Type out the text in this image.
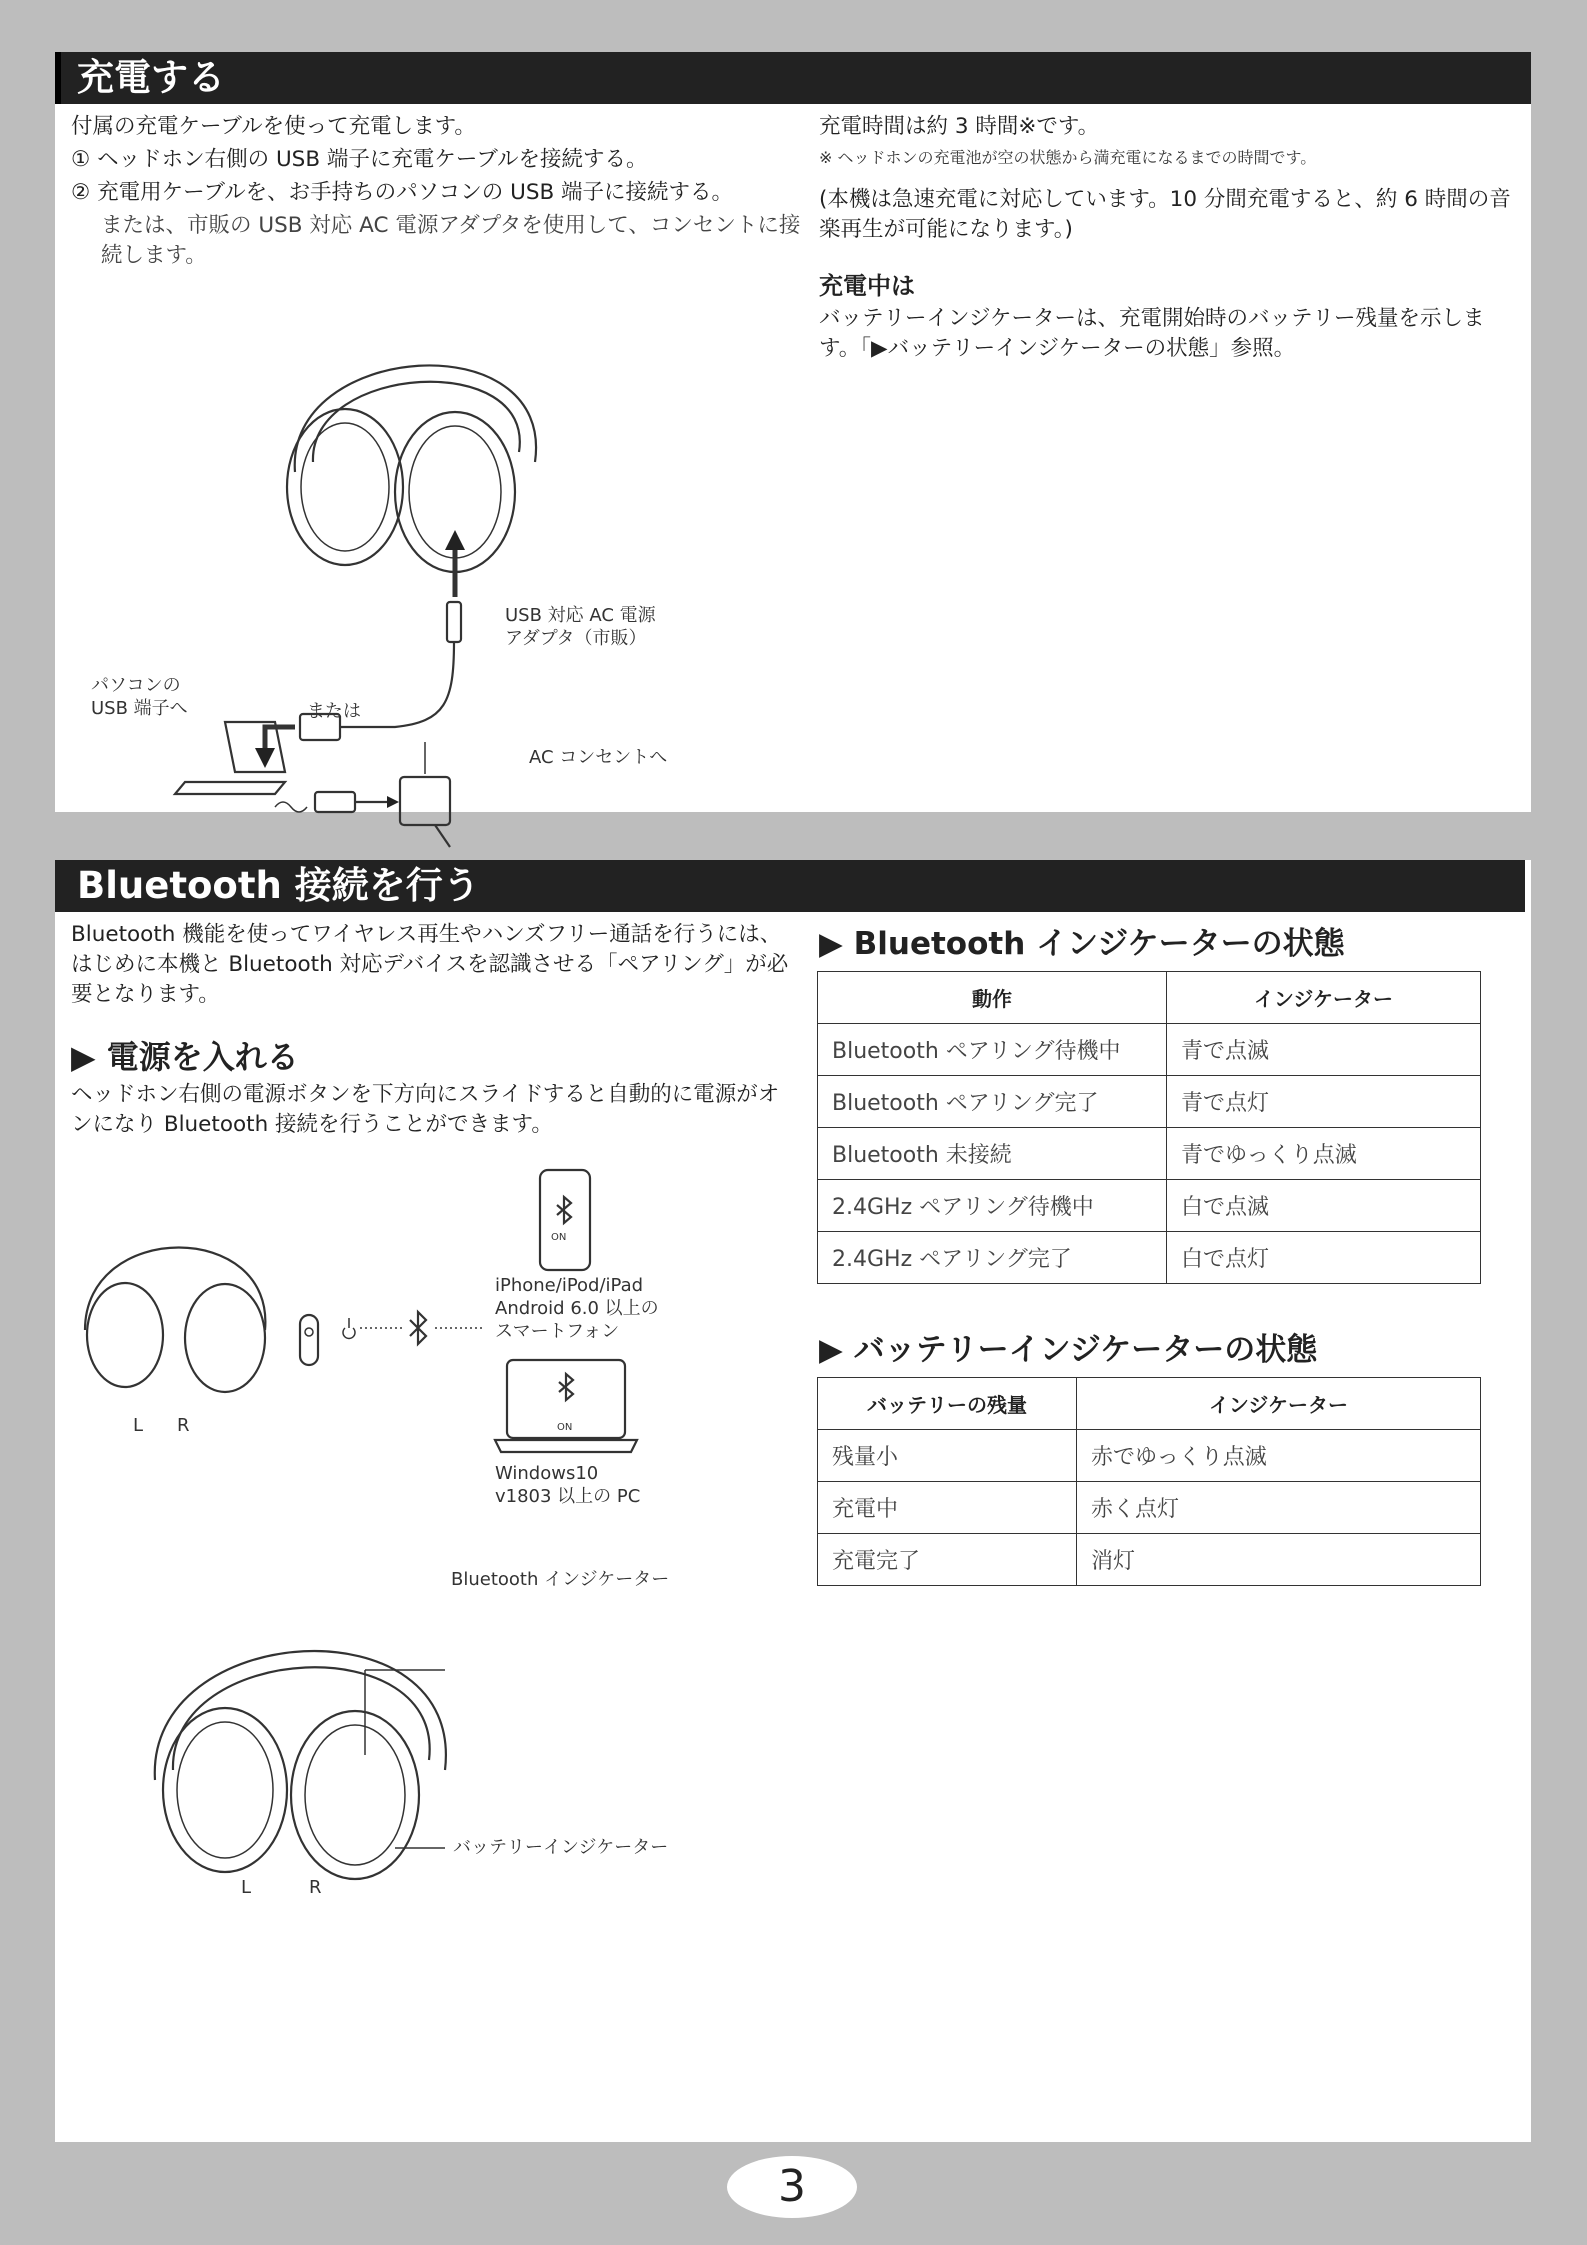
充電する

付属の充電ケーブルを使って充電します。

① ヘッドホン右側の USB 端子に充電ケーブルを接続する。

② 充電用ケーブルを、お手持ちのパソコンの USB 端子に接続する。

または、市販の USB 対応 AC 電源アダプタを使用して、コンセントに接続します。

充電時間は約 3 時間※です。

※ ヘッドホンの充電池が空の状態から満充電になるまでの時間です。

(本機は急速充電に対応しています。10 分間充電すると、約 6 時間の音楽再生が可能になります。)

充電中は

バッテリーインジケーターは、充電開始時のバッテリー残量を示します。「▶バッテリーインジケーターの状態」参照。

USB 対応 AC 電源
アダプタ（市販）
パソコンの
USB 端子へ	または
AC コンセントへ
Bluetooth 接続を行う

Bluetooth 機能を使ってワイヤレス再生やハンズフリー通話を行うには、はじめに本機と Bluetooth 対応デバイスを認識させる「ペアリング」が必要となります。

▶ 電源を入れる

ヘッドホン右側の電源ボタンを下方向にスライドすると自動的に電源がオンになり Bluetooth 接続を行うことができます。

ON
ON
iPhone/iPod/iPad
Android 6.0 以上の
スマートフォン
Windows10
v1803 以上の PC
L R
Bluetooth インジケーター
バッテリーインジケーター
L	R

▶ Bluetooth インジケーターの状態

動作	インジケーター
Bluetooth ペアリング待機中	青で点滅
Bluetooth ペアリング完了	青で点灯
Bluetooth 未接続	青でゆっくり点滅
2.4GHz ペアリング待機中	白で点滅
2.4GHz ペアリング完了	白で点灯

▶ バッテリーインジケーターの状態

バッテリーの残量	インジケーター
残量小	赤でゆっくり点滅
充電中	赤く点灯
充電完了	消灯
3
